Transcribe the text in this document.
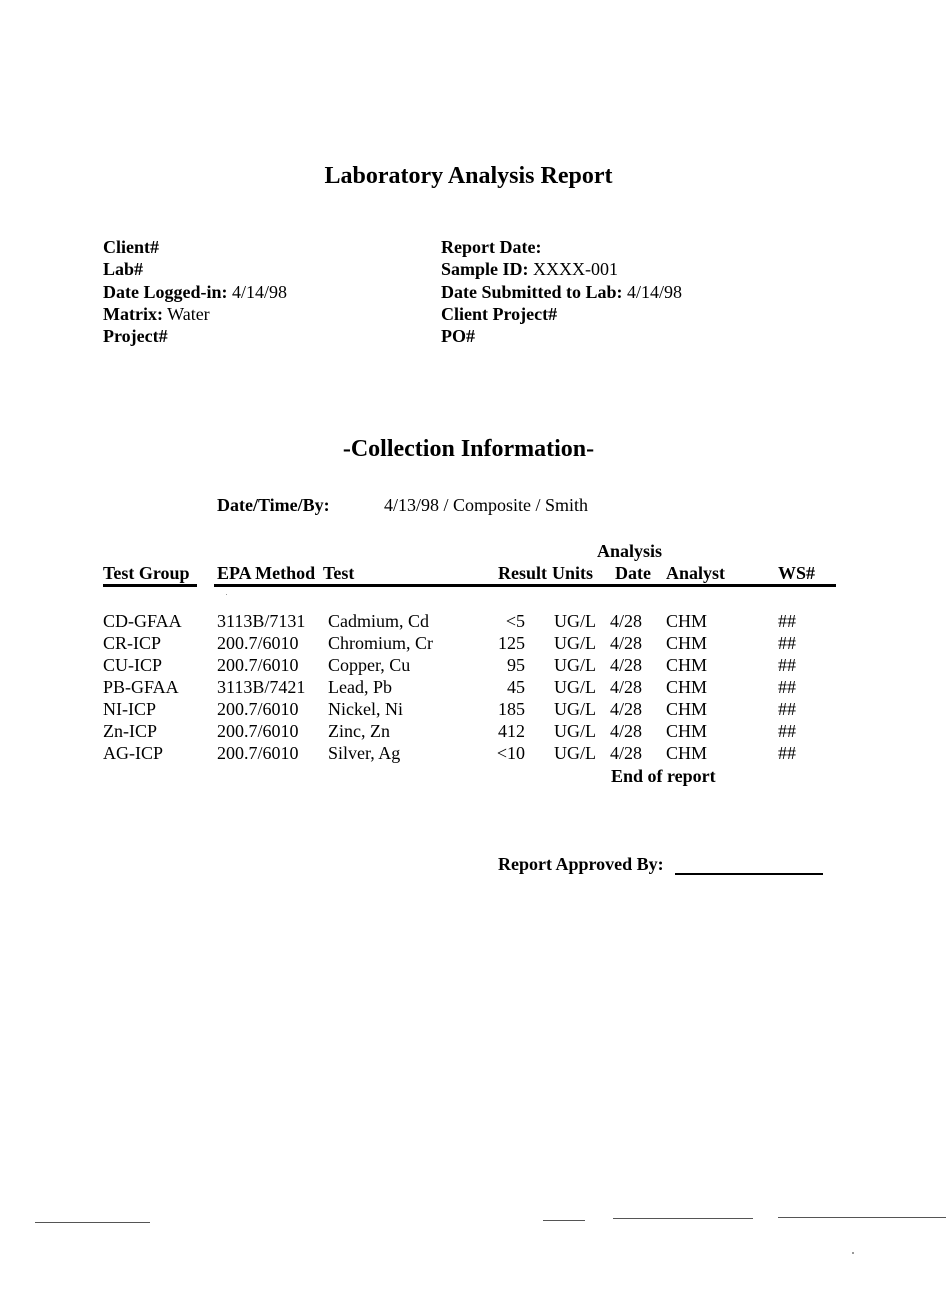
Laboratory Analysis Report
Client#
Lab#
Date Logged-in: 4/14/98
Matrix: Water
Project#
Report Date:
Sample ID: XXXX-001
Date Submitted to Lab: 4/14/98
Client Project#
PO#
-Collection Information-
Date/Time/By:	4/13/98 / Composite / Smith
Analysis
Test Group EPA Method Test	Result Units Date Analyst	WS#
CD-GFAA 3113B/7131 Cadmium, Cd	<5 UG/L 4/28 CHM	##
CR-ICP	200.7/6010 Chromium, Cr	125 UG/L 4/28 CHM	##
CU-ICP	200.7/6010 Copper, Cu	95 UG/L 4/28 CHM	##
PB-GFAA 3113B/7421 Lead, Pb	45 UG/L 4/28 CHM	##
NI-ICP	200.7/6010 Nickel, Ni	185 UG/L 4/28 CHM	##
Zn-ICP	200.7/6010 Zinc, Zn	412 UG/L 4/28 CHM	##
AG-ICP	200.7/6010 Silver, Ag	<10 UG/L 4/28 CHM	##
End of report
Report Approved By:
